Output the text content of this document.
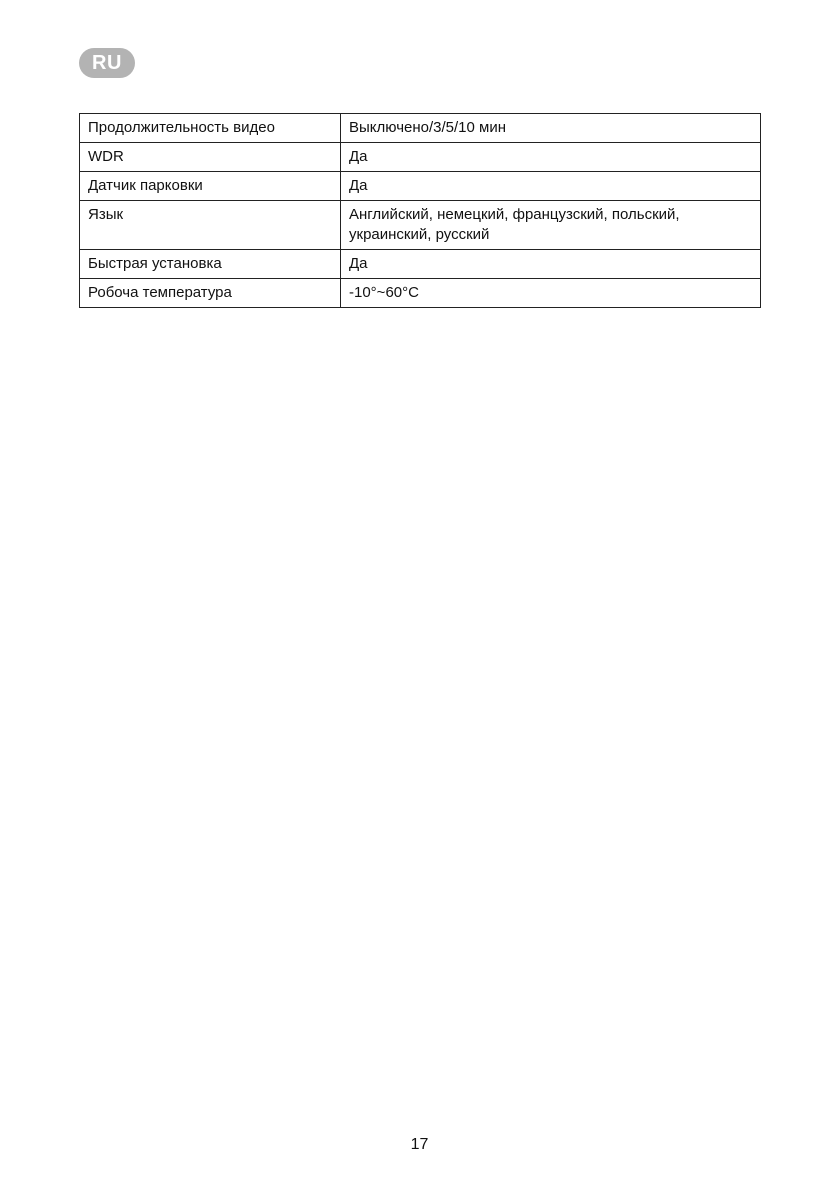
RU
Продолжительность видео	Выключено/3/5/10 мин
WDR	Да
Датчик парковки	Да
Язык	Английский, немецкий, французский, польский, украинский, русский
Быстрая установка	Да
Робоча температура	-10°~60°C
17
